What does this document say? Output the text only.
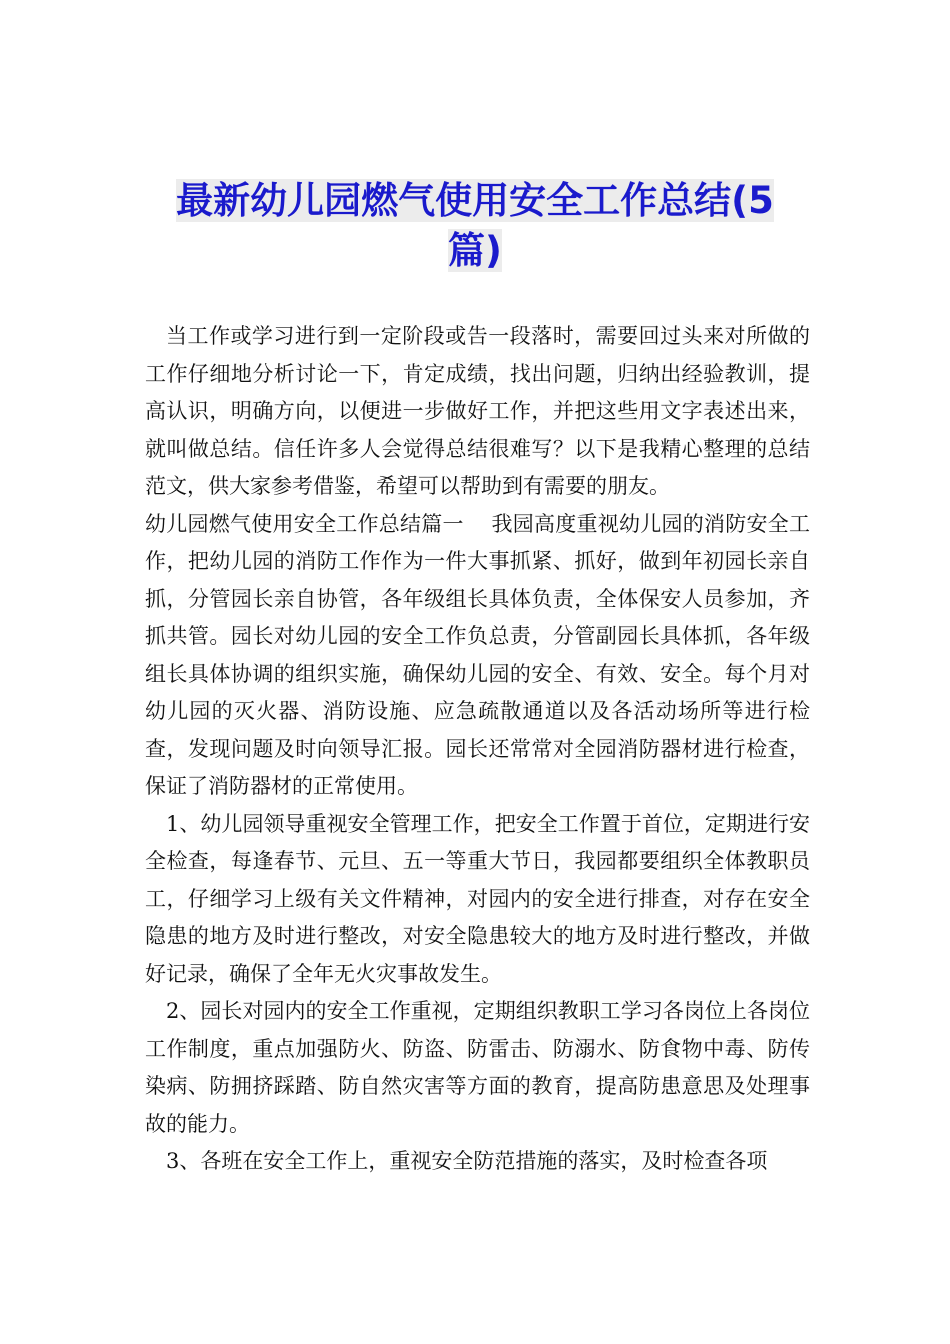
最新幼儿园燃气使用安全工作总结(5
篇)

当工作或学习进行到一定阶段或告一段落时，需要回过头来对所做的工作仔细地分析讨论一下，肯定成绩，找出问题，归纳出经验教训，提高认识，明确方向，以便进一步做好工作，并把这些用文字表述出来，就叫做总结。信任许多人会觉得总结很难写？以下是我精心整理的总结范文，供大家参考借鉴，希望可以帮助到有需要的朋友。

幼儿园燃气使用安全工作总结篇一 我园高度重视幼儿园的消防安全工作，把幼儿园的消防工作作为一件大事抓紧、抓好，做到年初园长亲自抓，分管园长亲自协管，各年级组长具体负责，全体保安人员参加，齐抓共管。园长对幼儿园的安全工作负总责，分管副园长具体抓，各年级组长具体协调的组织实施，确保幼儿园的安全、有效、安全。每个月对幼儿园的灭火器、消防设施、应急疏散通道以及各活动场所等进行检查，发现问题及时向领导汇报。园长还常常对全园消防器材进行检查，保证了消防器材的正常使用。

1、幼儿园领导重视安全管理工作，把安全工作置于首位，定期进行安全检查，每逢春节、元旦、五一等重大节日，我园都要组织全体教职员工，仔细学习上级有关文件精神，对园内的安全进行排查，对存在安全隐患的地方及时进行整改，对安全隐患较大的地方及时进行整改，并做好记录，确保了全年无火灾事故发生。

2、园长对园内的安全工作重视，定期组织教职工学习各岗位上各岗位工作制度，重点加强防火、防盗、防雷击、防溺水、防食物中毒、防传染病、防拥挤踩踏、防自然灾害等方面的教育，提高防患意思及处理事故的能力。

3、各班在安全工作上，重视安全防范措施的落实，及时检查各项
